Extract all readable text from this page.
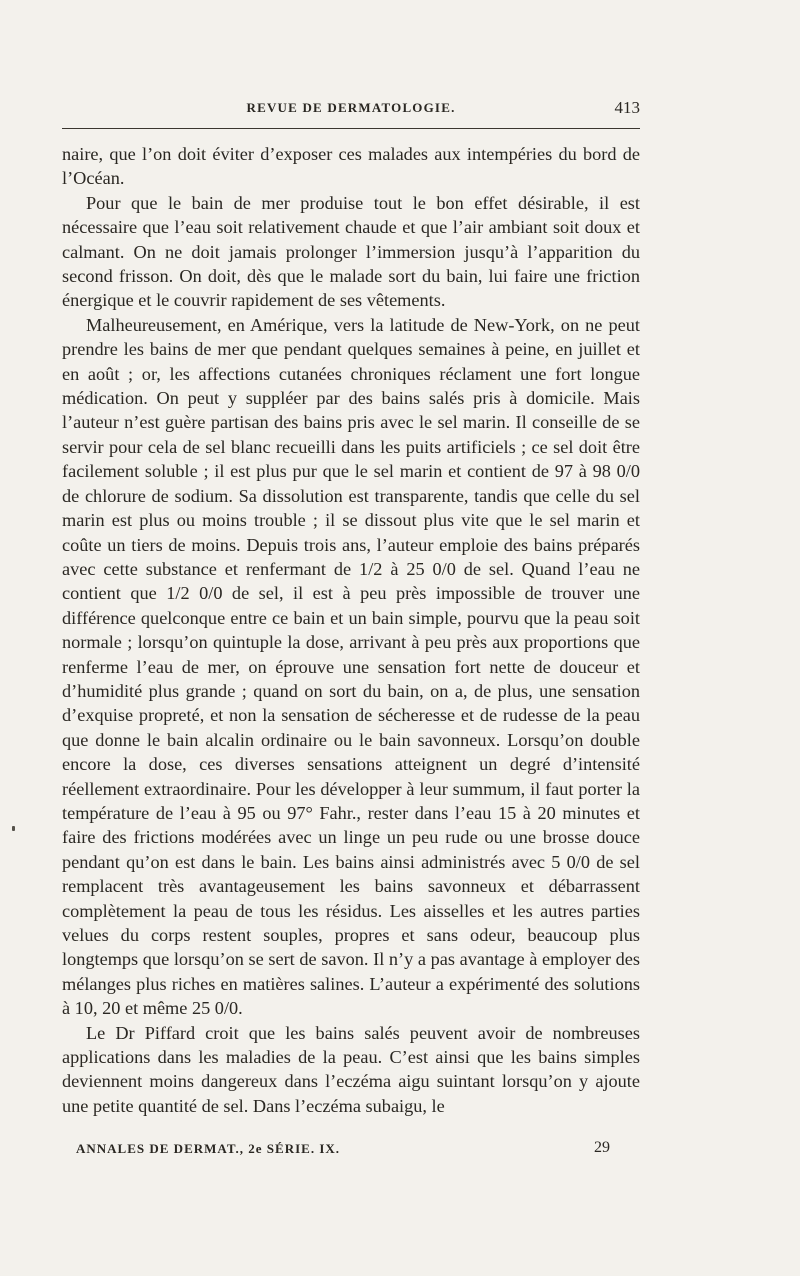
REVUE DE DERMATOLOGIE.	413

naire, que l’on doit éviter d’exposer ces malades aux intempéries du bord de l’Océan.

Pour que le bain de mer produise tout le bon effet désirable, il est nécessaire que l’eau soit relativement chaude et que l’air ambiant soit doux et calmant. On ne doit jamais prolonger l’immersion jusqu’à l’apparition du second frisson. On doit, dès que le malade sort du bain, lui faire une friction énergique et le couvrir rapidement de ses vêtements.

Malheureusement, en Amérique, vers la latitude de New-York, on ne peut prendre les bains de mer que pendant quelques semaines à peine, en juillet et en août ; or, les affections cutanées chroniques réclament une fort longue médication. On peut y suppléer par des bains salés pris à domicile. Mais l’auteur n’est guère partisan des bains pris avec le sel marin. Il conseille de se servir pour cela de sel blanc recueilli dans les puits artificiels ; ce sel doit être facilement soluble ; il est plus pur que le sel marin et contient de 97 à 98 0/0 de chlorure de sodium. Sa dissolution est transparente, tandis que celle du sel marin est plus ou moins trouble ; il se dissout plus vite que le sel marin et coûte un tiers de moins. Depuis trois ans, l’auteur emploie des bains préparés avec cette substance et renfermant de 1/2 à 25 0/0 de sel. Quand l’eau ne contient que 1/2 0/0 de sel, il est à peu près impossible de trouver une différence quelconque entre ce bain et un bain simple, pourvu que la peau soit normale ; lorsqu’on quintuple la dose, arrivant à peu près aux proportions que renferme l’eau de mer, on éprouve une sensation fort nette de douceur et d’humidité plus grande ; quand on sort du bain, on a, de plus, une sensation d’exquise propreté, et non la sensation de sécheresse et de rudesse de la peau que donne le bain alcalin ordinaire ou le bain savonneux. Lorsqu’on double encore la dose, ces diverses sensations atteignent un degré d’intensité réellement extraordinaire. Pour les développer à leur summum, il faut porter la température de l’eau à 95 ou 97° Fahr., rester dans l’eau 15 à 20 minutes et faire des frictions modérées avec un linge un peu rude ou une brosse douce pendant qu’on est dans le bain. Les bains ainsi administrés avec 5 0/0 de sel remplacent très avantageusement les bains savonneux et débarrassent complètement la peau de tous les résidus. Les aisselles et les autres parties velues du corps restent souples, propres et sans odeur, beaucoup plus longtemps que lorsqu’on se sert de savon. Il n’y a pas avantage à employer des mélanges plus riches en matières salines. L’auteur a expérimenté des solutions à 10, 20 et même 25 0/0.

Le Dr Piffard croit que les bains salés peuvent avoir de nombreuses applications dans les maladies de la peau. C’est ainsi que les bains simples deviennent moins dangereux dans l’eczéma aigu suintant lorsqu’on y ajoute une petite quantité de sel. Dans l’eczéma subaigu, le

ANNALES DE DERMAT., 2e SÉRIE. IX.	29
